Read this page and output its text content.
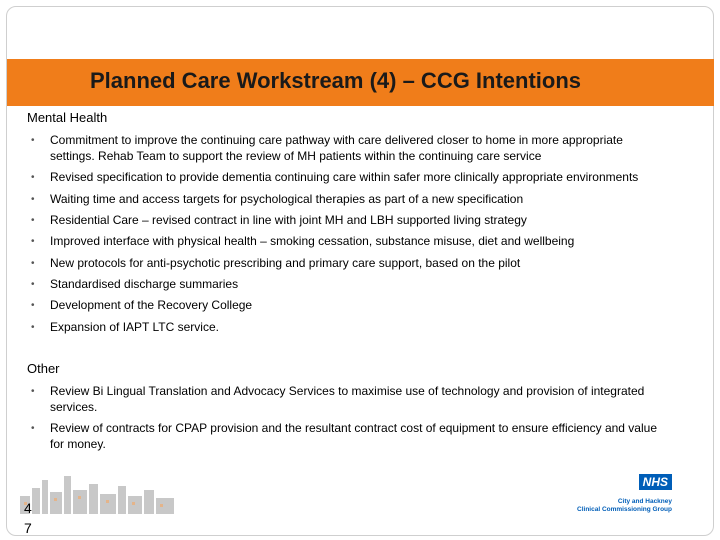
Planned Care Workstream (4) – CCG Intentions
Mental Health
• Commitment to improve the continuing care pathway with care delivered closer to home in more appropriate
settings. Rehab Team to support the review of MH patients within the continuing care service
• Revised specification to provide dementia continuing care within safer more clinically appropriate environments
• Waiting time and access targets for psychological therapies as part of a new specification
• Residential Care – revised contract in line with joint MH and LBH supported living strategy
• Improved interface with physical health – smoking cessation, substance misuse, diet and wellbeing
• New protocols for anti-psychotic prescribing and primary care support, based on the pilot
• Standardised discharge summaries
• Development of the Recovery College
• Expansion of IAPT LTC service.
Other
• Review Bi Lingual Translation and Advocacy Services to maximise use of technology and provision of integrated
services.
• Review of contracts for CPAP provision and the resultant contract cost of equipment to ensure efficiency and value
for money.
4
7
NHS
City and Hackney
Clinical Commissioning Group
